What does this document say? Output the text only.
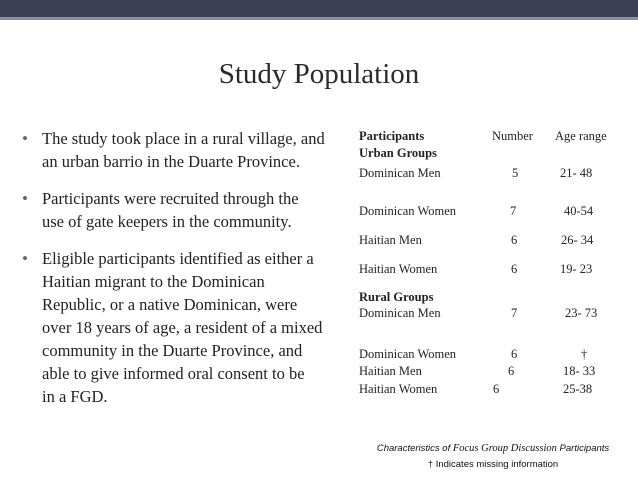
Study Population
• The study took place in a rural village, and
an urban barrio in the Duarte Province.
• Participants were recruited through the
use of gate keepers in the community.
• Eligible participants identified as either a
Haitian migrant to the Dominican
Republic, or a native Dominican, were
over 18 years of age, a resident of a mixed
community in the Duarte Province, and
able to give informed oral consent to be
in a FGD.
Participants	Number Age range
Urban Groups
Dominican Men	5	21- 48
Dominican Women	7	40-54
Haitian Men	6	26- 34
Haitian Women	6	19- 23
Rural Groups
Dominican Men	7	23- 73
Dominican Women	6	†
Haitian Men	6	18- 33
Haitian Women	6	25-38
Characteristics of Focus Group Discussion Participants
† Indicates missing information
